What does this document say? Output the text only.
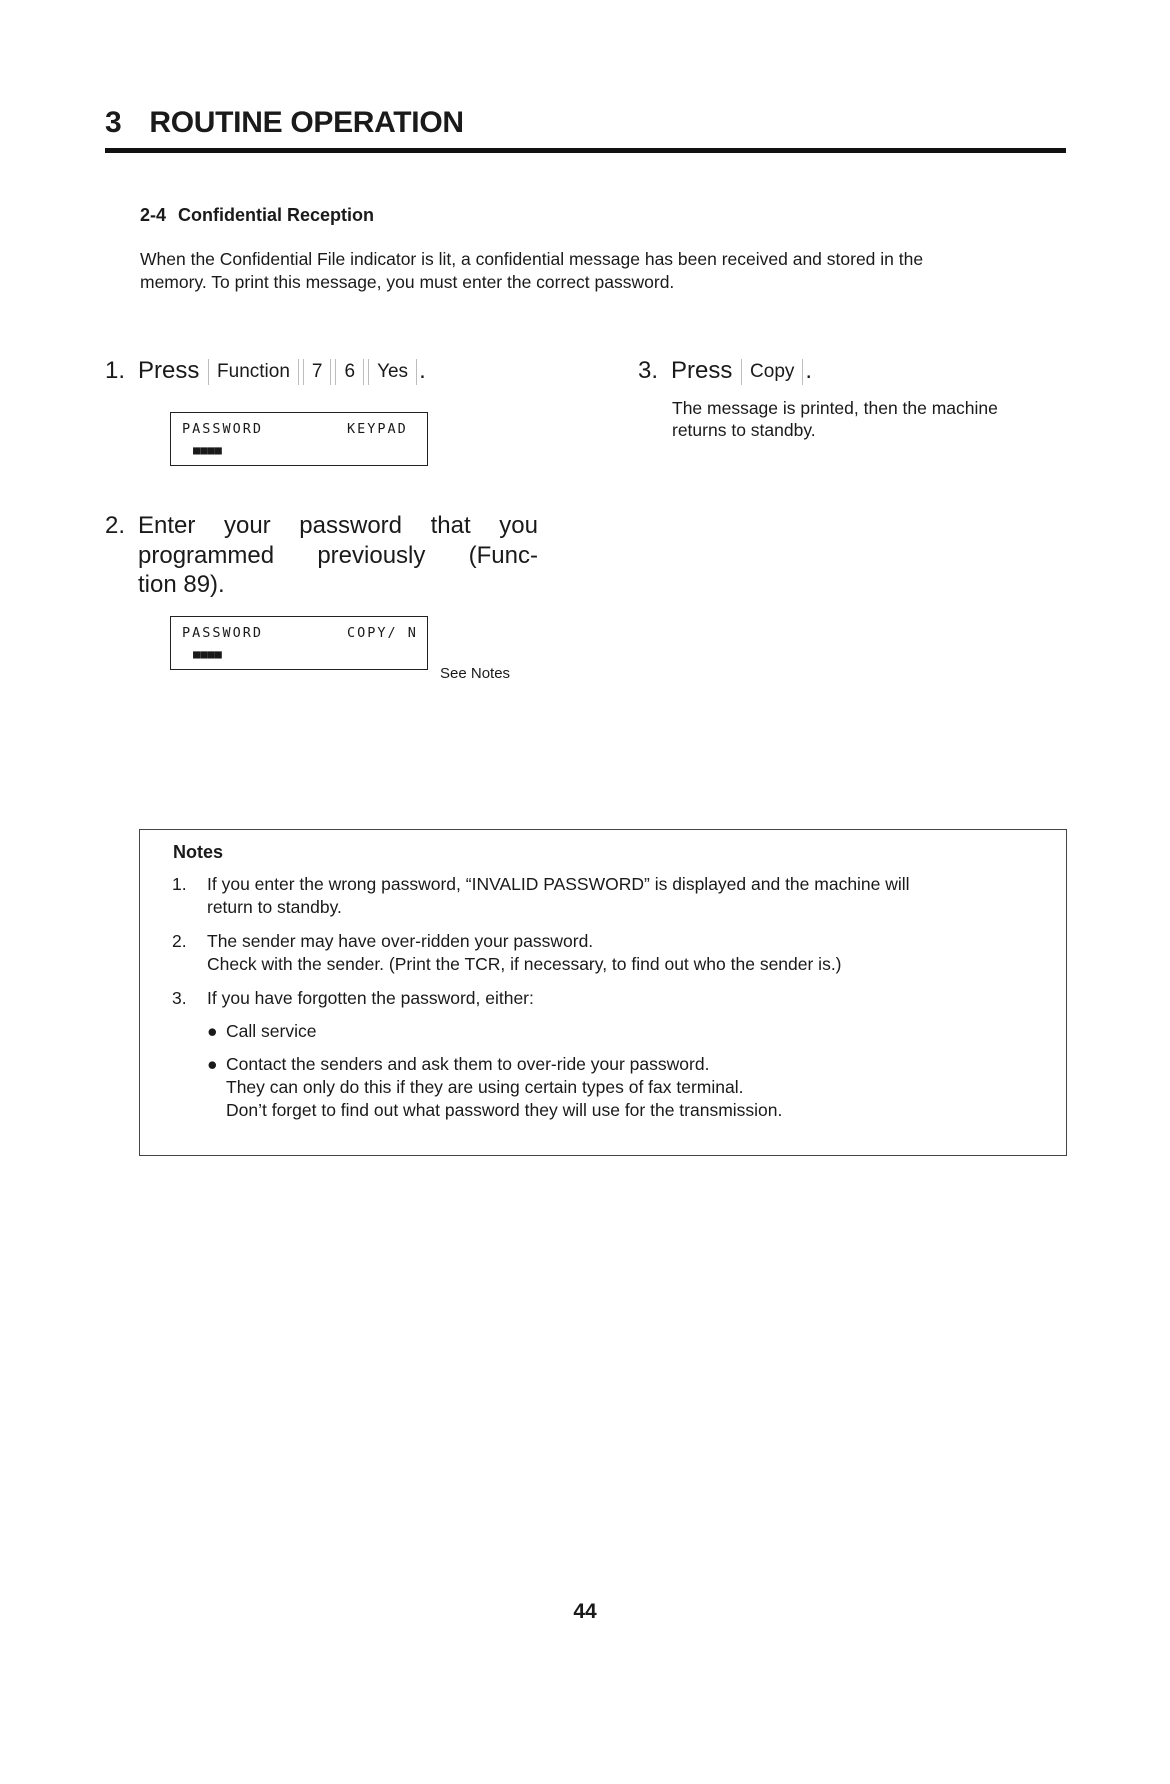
3 ROUTINE OPERATION
2-4 Confidential Reception
When the Confidential File indicator is lit, a confidential message has been received and stored in the
memory. To print this message, you must enter the correct password.
1. Press Function 7 6 Yes .
PASSWORD	KEYPAD
■■■■
2. Enter your password that you
programmed previously (Func-
tion 89).
PASSWORD	COPY/ N
■■■■
See Notes
3. Press Copy .
The message is printed, then the machine
returns to standby.
Notes
1. If you enter the wrong password, “INVALID PASSWORD” is displayed and the machine will
return to standby.
2. The sender may have over-ridden your password.
Check with the sender. (Print the TCR, if necessary, to find out who the sender is.)
3. If you have forgotten the password, either:
● Call service
● Contact the senders and ask them to over-ride your password.
They can only do this if they are using certain types of fax terminal.
Don’t forget to find out what password they will use for the transmission.
44
